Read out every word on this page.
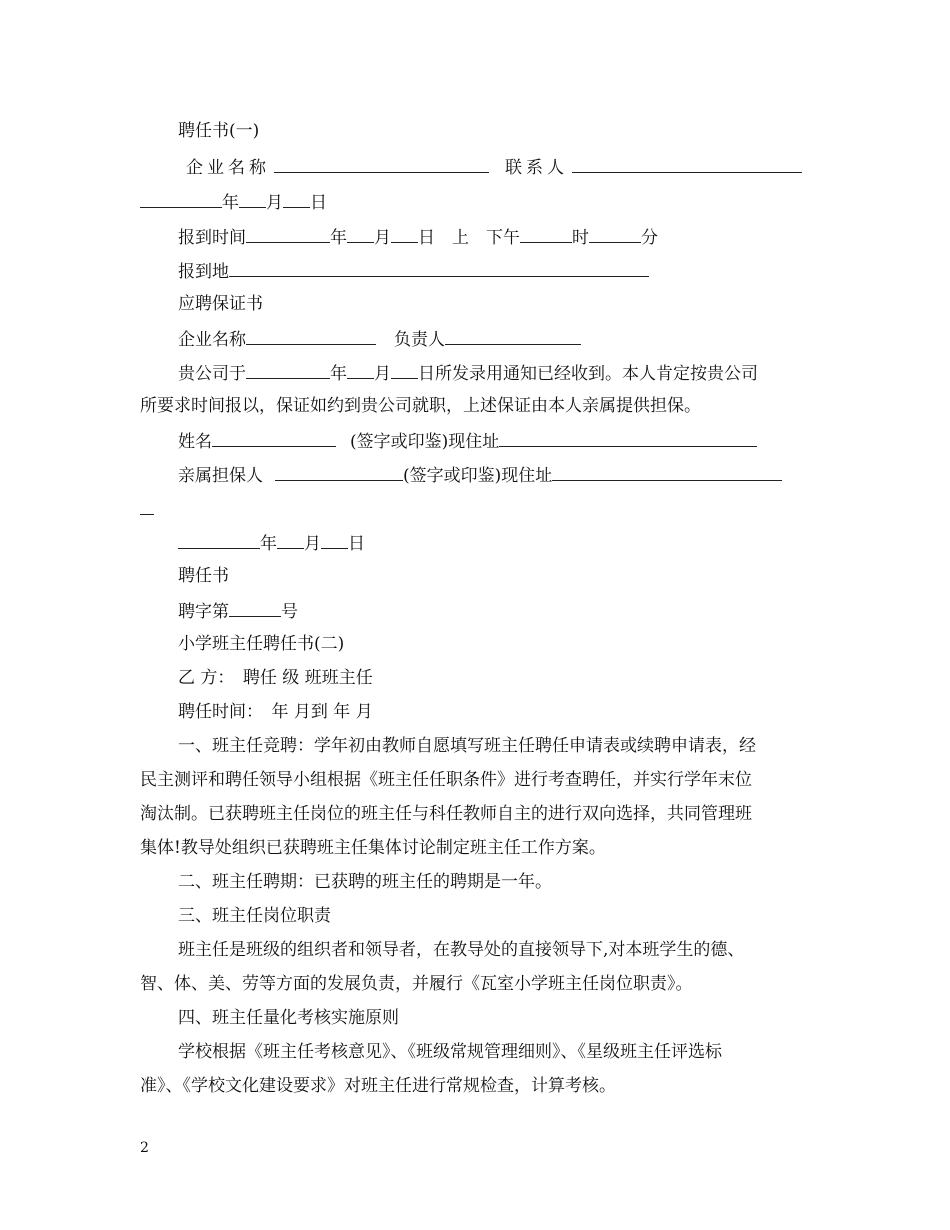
聘任书(一)
企业名称	联系人
年 月 日
报到时间	年 月 日　上　下午	时	分
报到地
应聘保证书
企业名称	负责人
贵公司于	年 月 日所发录用通知已经收到。本人肯定按贵公司
所要求时间报以，保证如约到贵公司就职，上述保证由本人亲属提供担保。
姓名	(签字或印鉴)现住址
亲属担保人	(签字或印鉴)现住址
年 月 日
聘任书
聘字第	号
小学班主任聘任书(二)
乙 方：　聘任 级 班班主任
聘任时间：　年 月到 年 月
一、班主任竞聘：学年初由教师自愿填写班主任聘任申请表或续聘申请表，经
民主测评和聘任领导小组根据《班主任任职条件》进行考查聘任，并实行学年末位
淘汰制。已获聘班主任岗位的班主任与科任教师自主的进行双向选择，共同管理班
集体!教导处组织已获聘班主任集体讨论制定班主任工作方案。
二、班主任聘期：已获聘的班主任的聘期是一年。
三、班主任岗位职责
班主任是班级的组织者和领导者，在教导处的直接领导下,对本班学生的德、
智、体、美、劳等方面的发展负责，并履行《瓦室小学班主任岗位职责》。
四、班主任量化考核实施原则
学校根据《班主任考核意见》、《班级常规管理细则》、《星级班主任评选标
准》、《学校文化建设要求》对班主任进行常规检查，计算考核。
2
